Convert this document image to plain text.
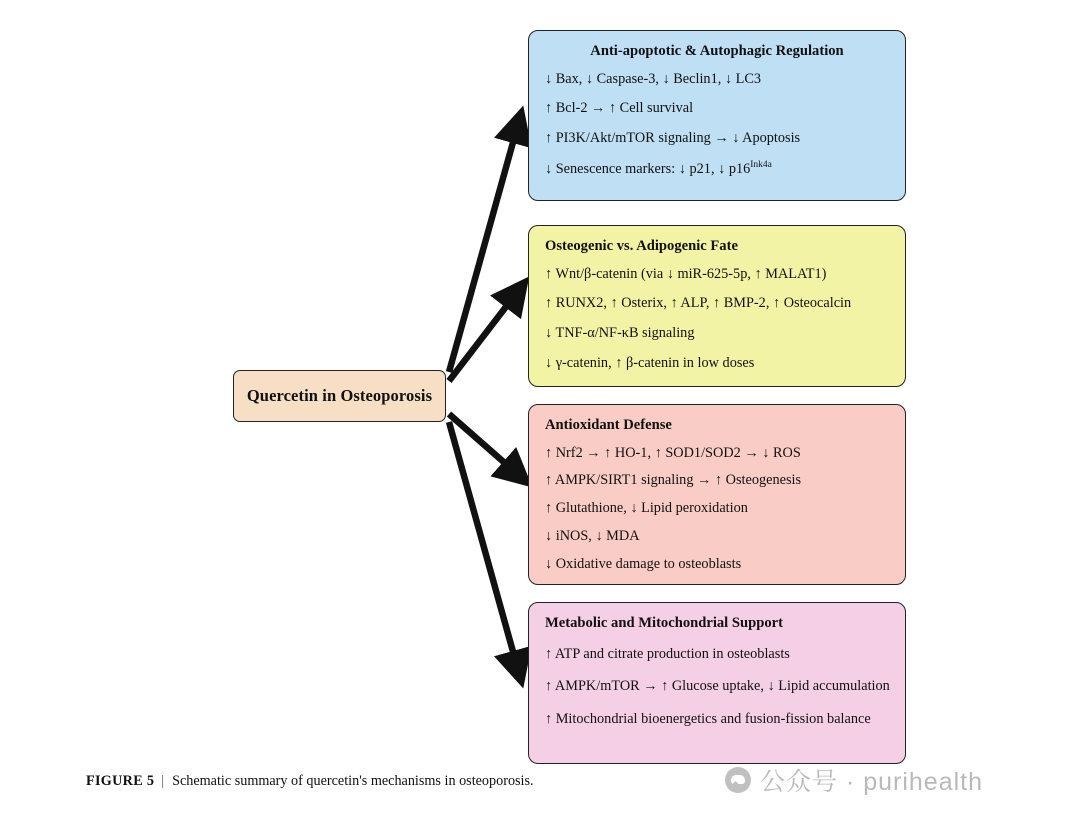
Quercetin in Osteoporosis
Anti-apoptotic & Autophagic Regulation

↓ Bax, ↓ Caspase-3, ↓ Beclin1, ↓ LC3

↑ Bcl-2 → ↑ Cell survival

↑ PI3K/Akt/mTOR signaling → ↓ Apoptosis

↓ Senescence markers: ↓ p21, ↓ $p16^{Ink4a}$

Osteogenic vs. Adipogenic Fate

↑ Wnt/β-catenin (via ↓ miR-625-5p, ↑ MALAT1)

↑ RUNX2, ↑ Osterix, ↑ ALP, ↑ BMP-2, ↑ Osteocalcin

↓ TNF-α/NF-κB signaling

↓ γ-catenin, ↑ β-catenin in low doses

Antioxidant Defense

↑ Nrf2 → ↑ HO-1, ↑ SOD1/SOD2 → ↓ ROS

↑ AMPK/SIRT1 signaling → ↑ Osteogenesis

↑ Glutathione, ↓ Lipid peroxidation

↓ iNOS, ↓ MDA

↓ Oxidative damage to osteoblasts

Metabolic and Mitochondrial Support

↑ ATP and citrate production in osteoblasts

↑ AMPK/mTOR → ↑ Glucose uptake, ↓ Lipid accumulation

↑ Mitochondrial bioenergetics and fusion-fission balance

FIGURE 5 | Schematic summary of quercetin's mechanisms in osteoporosis.	公众号 · purihealth
